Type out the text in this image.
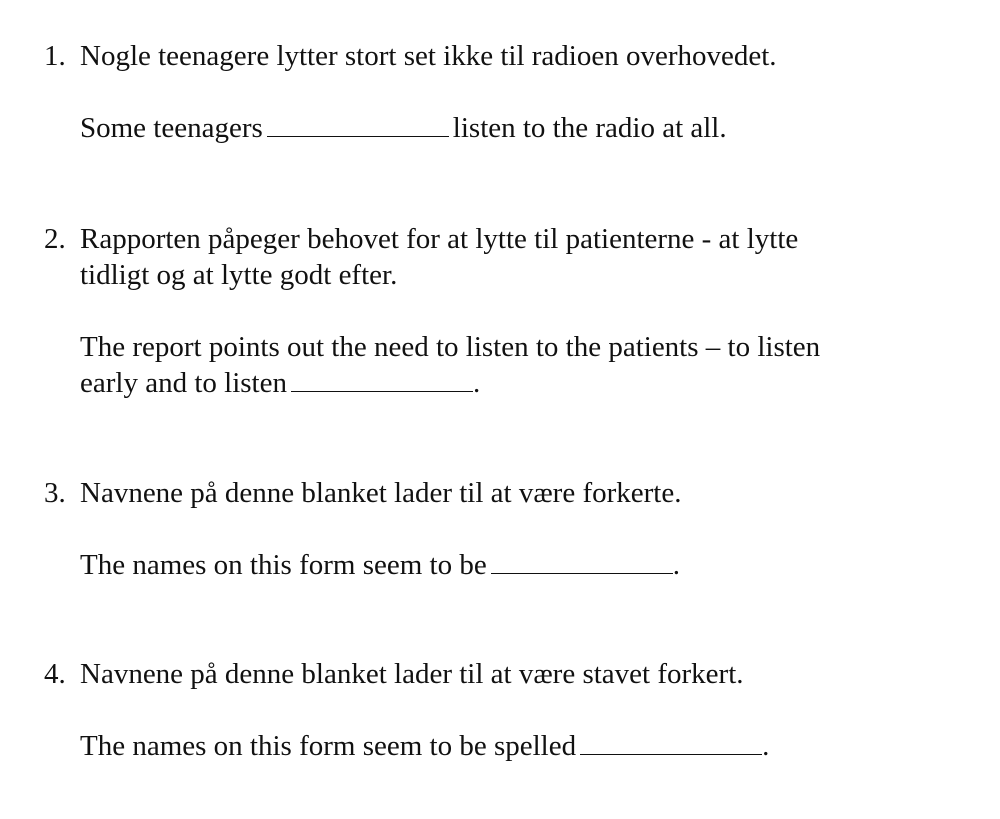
1. Nogle teenagere lytter stort set ikke til radioen overhovedet.
Some teenagers	listen to the radio at all.
2. Rapporten påpeger behovet for at lytte til patienterne - at lytte
tidligt og at lytte godt efter.
The report points out the need to listen to the patients – to listen
early and to listen	.
3. Navnene på denne blanket lader til at være forkerte.
The names on this form seem to be	.
4. Navnene på denne blanket lader til at være stavet forkert.
The names on this form seem to be spelled	.
